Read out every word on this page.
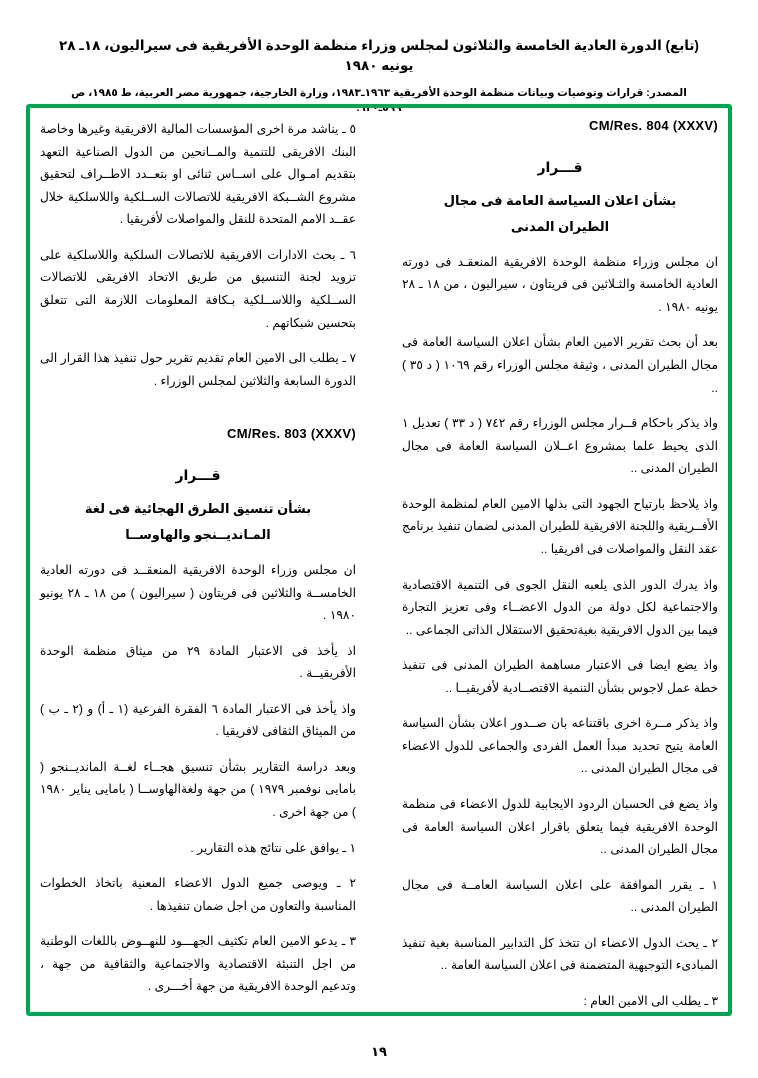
(تابع) الدورة العادية الخامسة والثلاثون لمجلس وزراء منظمة الوحدة الأفريقية فى سيراليون، ١٨ـ ٢٨ يونيه ١٩٨٠
المصدر: ‏قرارات وتوصيات وبيانات منظمة الوحدة الأفريقية ١٩٦٣ـ١٩٨٣، وزارة الخارجية، جمهورية مصر العربية، ط ١٩٨٥، ص ٥٩٩ـ٦٣٠.
CM/Res. 804 (XXXV)
قـــرار
بشأن اعلان السياسة العامة فى مجال
الطيران المدنى

ان مجلس وزراء منظمة الوحدة الافريقية المنعقـد فى دورته العادية الخامسة والثـلاثين فى فريتاون ، سيراليون ، من ١٨ ـ ٢٨ يونيه ١٩٨٠ .

بعد أن بحث تقرير الامين العام بشأن اعلان السياسة العامة فى مجال الطيران المدنى ، وثيقة مجلس الوزراء رقم ١٠٦٩ ( د ٣٥ ) ..

واذ يذكر باحكام قــرار مجلس الوزراء رقم ٧٤٢ ( د ٣٣ ) تعديل ١ الذى يحيط علما بمشروع اعــلان السياسة العامة فى مجال الطيران المدنى ..

واذ يلاحظ بارتياح الجهود التى بذلها الامين العام لمنظمة الوحدة الأفــريقية واللجنة الافريقية للطيران المدنى لضمان تنفيذ برنامج عقد النقل والمواصلات فى افريقيا ..

واذ يدرك الدور الذى يلعبه النقل الجوى فى التنمية الاقتصادية والاجتماعية لكل دولة من الدول الاعضــاء وفى تعزيز التجارة فيما بين الدول الافريقية بغيةتحقيق الاستقلال الذاتى الجماعى ..

واذ يضع ايضا فى الاعتبار مساهمة الطيران المدنى فى تنفيذ خطة عمل لاجوس بشأن التنمية الاقتصــادية لأفريقيــا ..

واذ يذكر مــرة اخرى باقتناعه بان صــدور اعلان بشأن السياسة العامة يتيح تحديد مبدأ العمل الفردى والجماعى للدول الاعضاء فى مجال الطيران المدنى ..

واذ يضع فى الحسبان الردود الايجابية للدول الاعضاء فى منظمة الوحدة الافريقية فيما يتعلق باقرار اعلان السياسة العامة فى مجال الطيران المدنى ..

١ ـ يقرر الموافقة على اعلان السياسة العامــة فى مجال الطيران المدنى ..

٢ ـ يحث الدول الاعضاء ان تتخذ كل التدابير المناسبة بغية تنفيذ المبادىء التوجيهية المتضمنة فى اعلان السياسة العامة ..

٣ ـ يطلب الى الامين العام :

٥ ـ يناشد مرة اخرى المؤسسات المالية الافريقية وغيرها وخاصة البنك الافريقى للتنمية والمــانحين من الدول الصناعية التعهد بتقديم امـوال على اســاس ثنائى او بتعــدد الاطــراف لتحقيق مشروع الشــبكة الافريقية للاتصالات الســلكية واللاسلكية خلال عقــد الامم المتحدة للنقل والمواصلات لأفريقيا .

٦ ـ بحث الادارات الافريقية للاتصالات السلكية واللاسلكية على تزويد لجنة التنسيق من طريق الاتحاد الافريقى للاتصالات الســلكية واللاســلكية بـكافة المعلومات اللازمة التى تتعلق بتحسين شبكاتهم .

٧ ـ يطلب الى الامين العام تقديم تقرير حول تنفيذ هذا القرار الى الدورة السابعة والثلاثين لمجلس الوزراء .

CM/Res. 803 (XXXV)
قـــرار
بشأن تنسيق الطرق الهجائية فى لغة
المـانديــنجو والهاوســا

ان مجلس وزراء الوحدة الافريقية المنعقــد فى دورته العادية الخامســة والثلاثين فى فريتاون ( سيراليون ) من ١٨ ـ ٢٨ يونيو ١٩٨٠ .

اذ يأخذ فى الاعتبار المادة ٢٩ من ميثاق منظمة الوحدة الأفريقيــة .

واذ يأخذ فى الاعتبار المادة ٦ الفقرة الفرعية (١ ـ أ) و (٢ ـ ب ) من الميثاق الثقافى لافريقيا .

وبعد دراسة التقارير بشأن تنسيق هجــاء لغــة المانديــنجو ( بامايى نوفمبر ١٩٧٩ ) من جهة ولغةالهاوســا ( بامايى يناير ١٩٨٠ ) من جهة اخرى .

١ ـ يوافق على نتائج هذه التقارير .

٢ ـ ويوصى جميع الدول الاعضاء المعنية باتخاذ الخطوات المناسبة والتعاون من اجل ضمان تنفيذها .

٣ ـ يدعو الامين العام تكثيف الجهـــود للنهــوض باللغات الوطنية من اجل التنبئة الاقتصادية والاجتماعية والثقافية من جهة ، وتدعيم الوحدة الافريقية من جهة أخـــرى .

١٩
